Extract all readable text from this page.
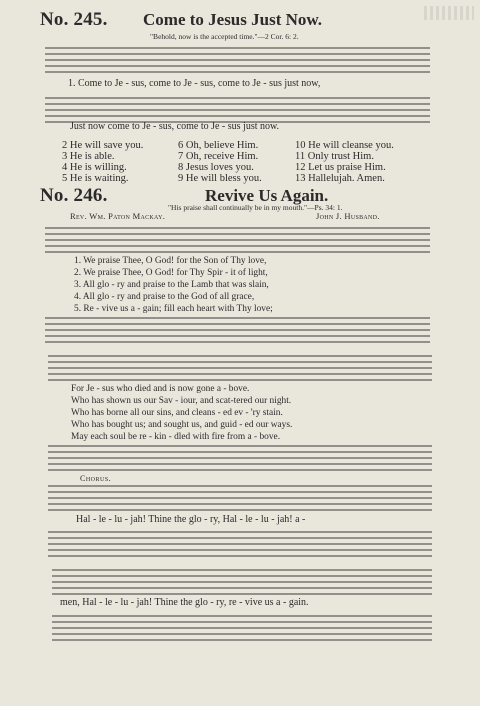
No. 245. Come to Jesus Just Now.
"Behold, now is the accepted time."—2 Cor. 6: 2.
1. Come to Je - sus, come to Je - sus, come to Je - sus just now,
Just now come to Je - sus, come to Je - sus just now.
2 He will save you.	6 Oh, believe Him.	10 He will cleanse you.
3 He is able.	7 Oh, receive Him.	11 Only trust Him.
4 He is willing.	8 Jesus loves you.	12 Let us praise Him.
5 He is waiting.	9 He will bless you.	13 Hallelujah. Amen.
No. 246.	Revive Us Again.
"His praise shall continually be in my mouth."—Ps. 34: 1.
Rev. Wm. Paton Mackay.	John J. Husband.
1. We praise Thee, O God! for the Son of Thy love,
2. We praise Thee, O God! for Thy Spir - it of light,
3. All glo - ry and praise to the Lamb that was slain,
4. All glo - ry and praise to the God of all grace,
5. Re - vive us a - gain; fill each heart with Thy love;
For Je - sus who died and is now gone a - bove.
Who has shown us our Sav - iour, and scat-tered our night.
Who has borne all our sins, and cleans - ed ev - 'ry stain.
Who has bought us; and sought us, and guid - ed our ways.
May each soul be re - kin - dled with fire from a - bove.
Chorus.
Hal - le - lu - jah! Thine the glo - ry, Hal - le - lu - jah! a -
men, Hal - le - lu - jah! Thine the glo - ry, re - vive us a - gain.
